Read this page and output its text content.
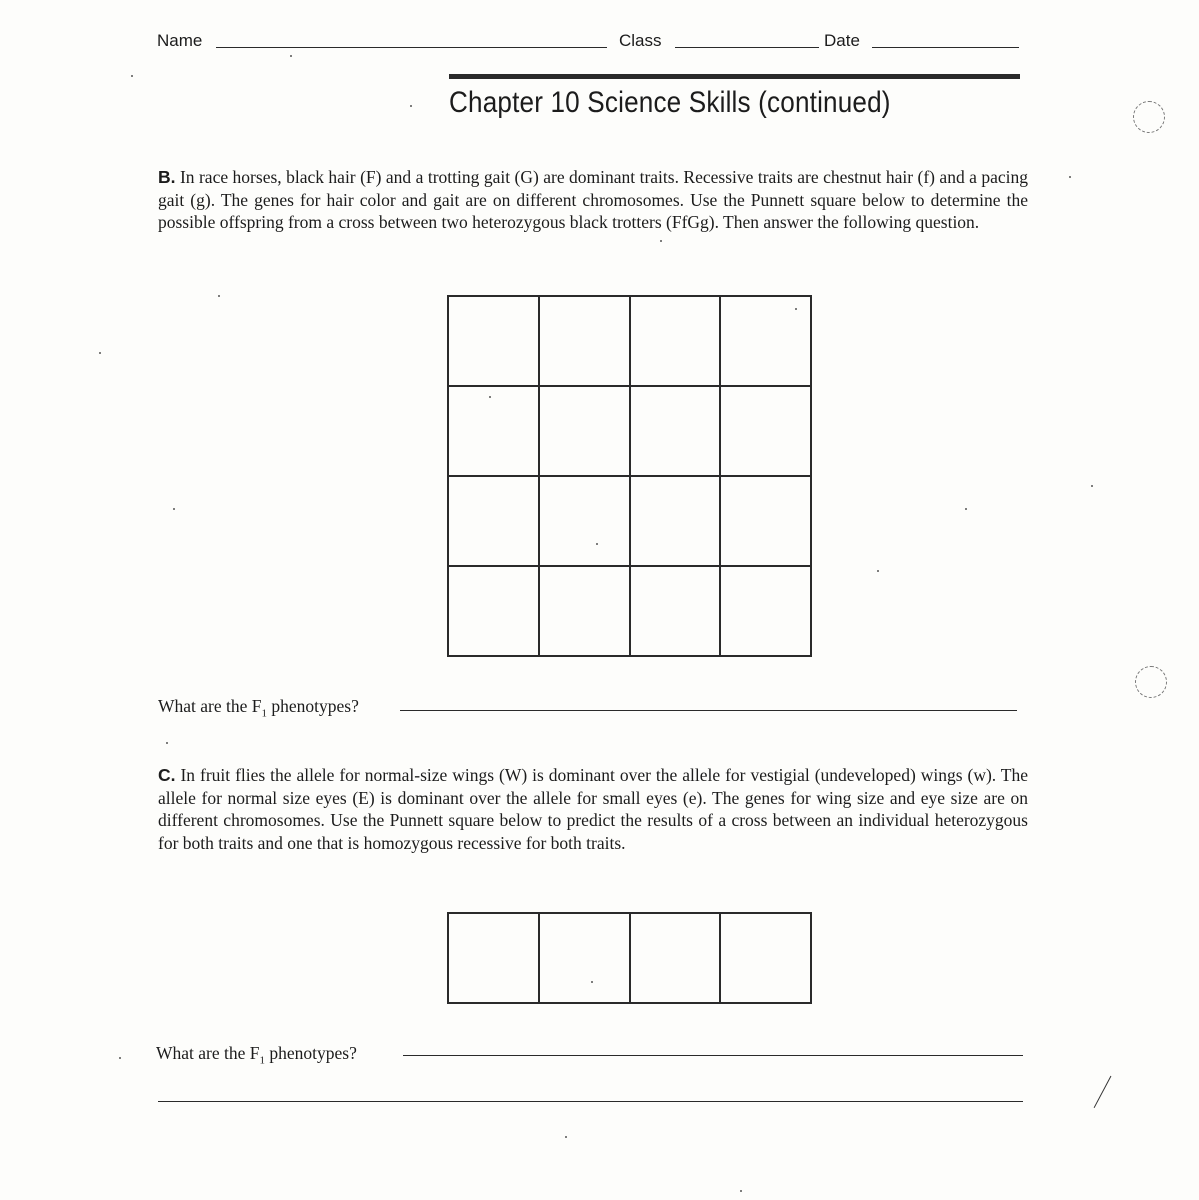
Name	Class	Date
Chapter 10 Science Skills (continued)

B. In race horses, black hair (F) and a trotting gait (G) are dominant traits. Recessive traits are chestnut hair (f) and a pacing gait (g). The genes for hair color and gait are on different chromosomes. Use the Punnett square below to determine the possible offspring from a cross between two heterozygous black trotters (FfGg). Then answer the following question.

What are the $F_1$ phenotypes?

C. In fruit flies the allele for normal-size wings (W) is dominant over the allele for vestigial (undeveloped) wings (w). The allele for normal size eyes (E) is dominant over the allele for small eyes (e). The genes for wing size and eye size are on different chromosomes. Use the Punnett square below to predict the results of a cross between an individual heterozygous for both traits and one that is homozygous recessive for both traits.

What are the $F_1$ phenotypes?
